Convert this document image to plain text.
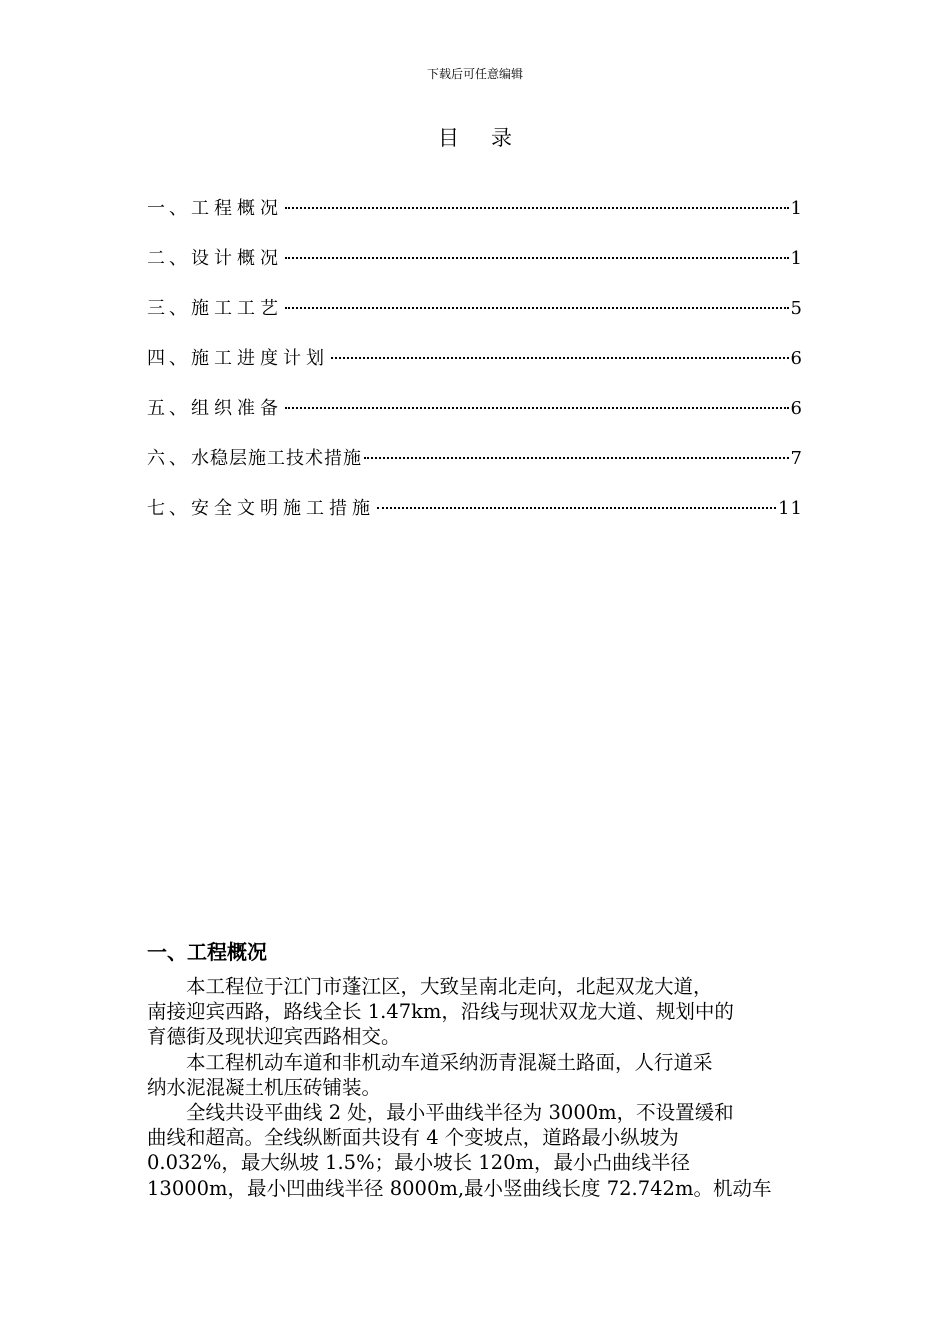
下载后可任意编辑
目 录
一、 工程概况	1
二、 设计概况	1
三、 施工工艺	5
四、 施工进度计划	6
五、 组织准备	6
六、 水稳层施工技术措施	7
七、 安全文明施工措施	11
一、工程概况

本工程位于江门市蓬江区，大致呈南北走向，北起双龙大道，
南接迎宾西路，路线全长 1.47km，沿线与现状双龙大道、规划中的
育德街及现状迎宾西路相交。

本工程机动车道和非机动车道采纳沥青混凝土路面，人行道采
纳水泥混凝土机压砖铺装。

全线共设平曲线 2 处，最小平曲线半径为 3000m，不设置缓和
曲线和超高。全线纵断面共设有 4 个变坡点，道路最小纵坡为
0.032%，最大纵坡 1.5%；最小坡长 120m，最小凸曲线半径
13000m，最小凹曲线半径 8000m,最小竖曲线长度 72.742m。机动车
